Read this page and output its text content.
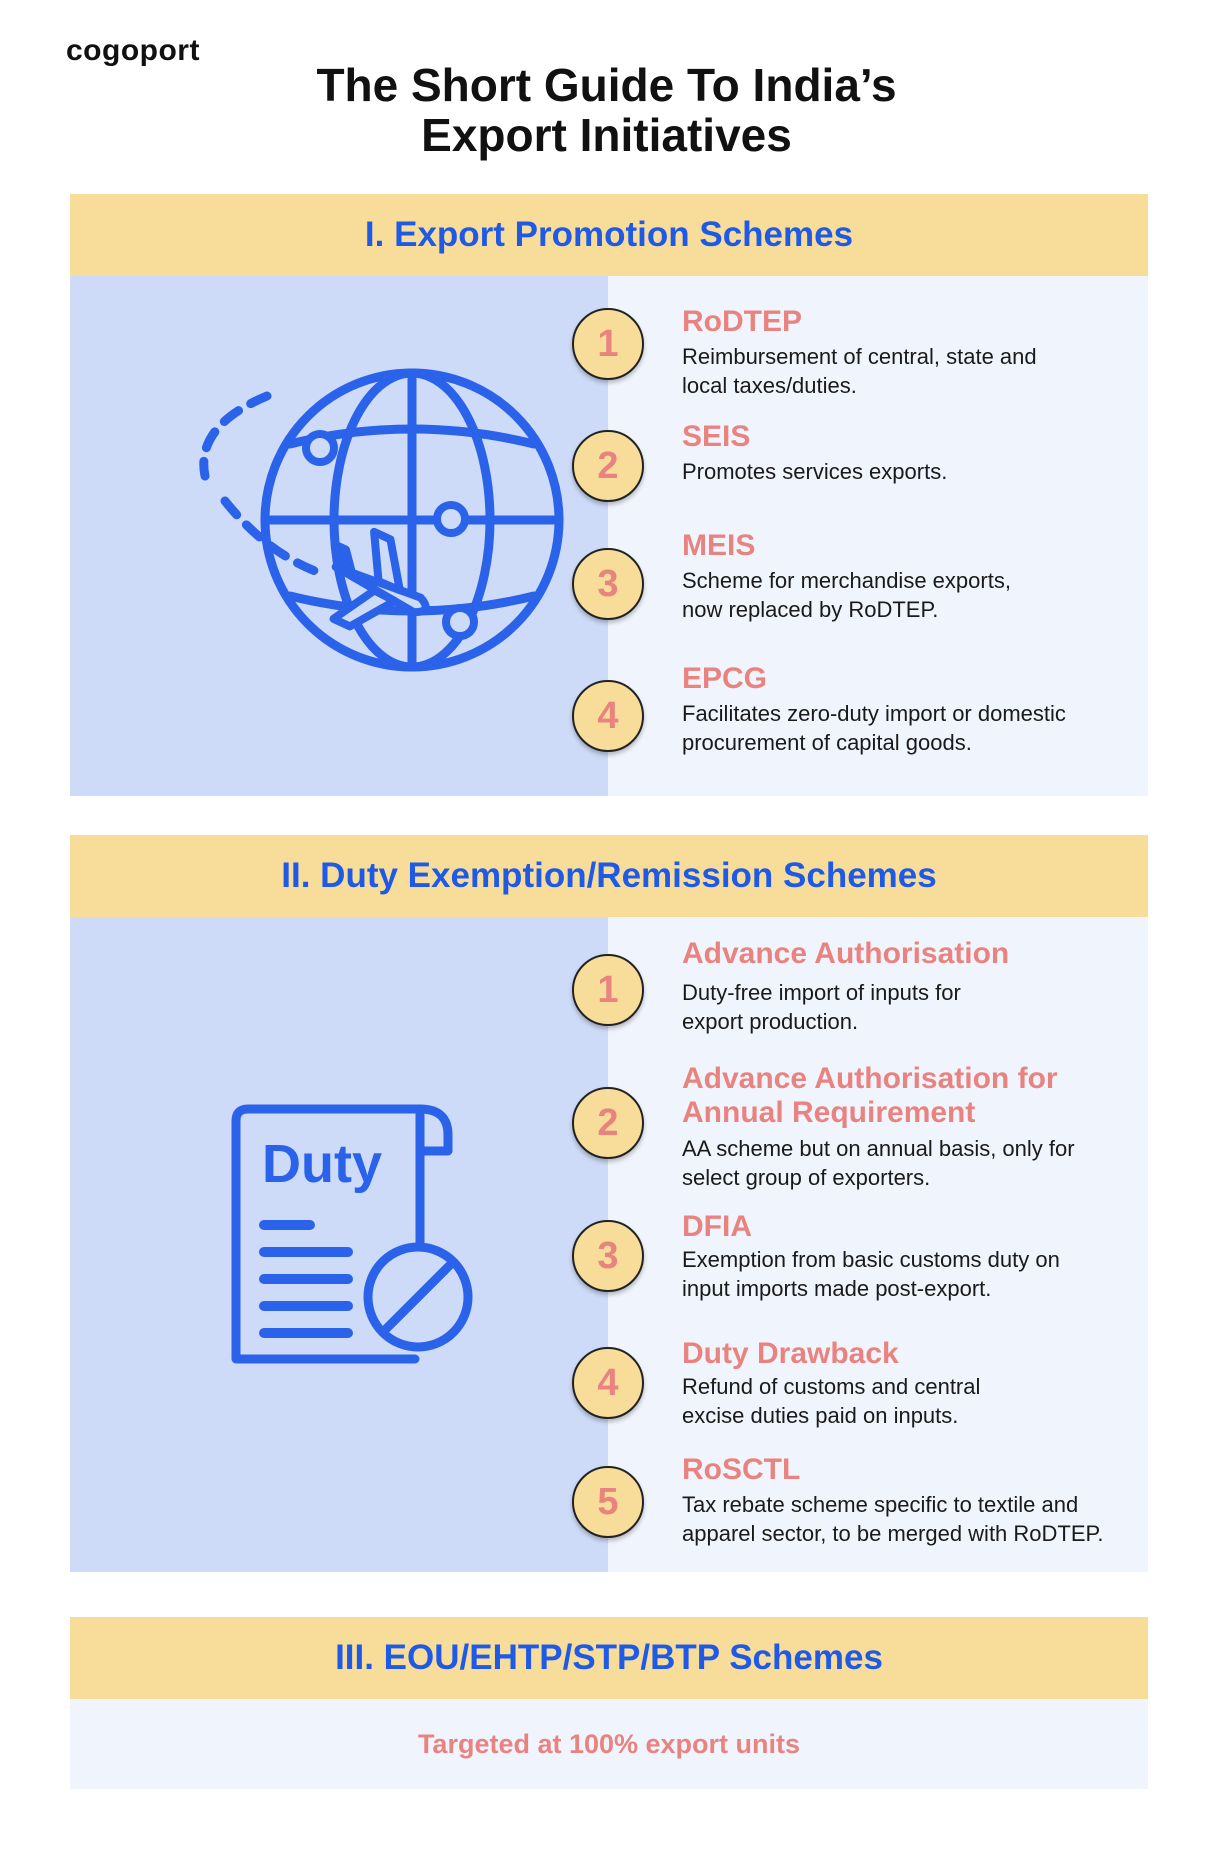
cogoport
The Short Guide To India’s
Export Initiatives
I. Export Promotion Schemes
1
RoDTEP
Reimbursement of central, state and
local taxes/duties.
2
SEIS
Promotes services exports.
3
MEIS
Scheme for merchandise exports,
now replaced by RoDTEP.
4
EPCG
Facilitates zero-duty import or domestic
procurement of capital goods.
II. Duty Exemption/Remission Schemes
Duty
1
Advance Authorisation
Duty-free import of inputs for
export production.
2
Advance Authorisation for
Annual Requirement
AA scheme but on annual basis, only for
select group of exporters.
3
DFIA
Exemption from basic customs duty on
input imports made post-export.
4
Duty Drawback
Refund of customs and central
excise duties paid on inputs.
5
RoSCTL
Tax rebate scheme specific to textile and
apparel sector, to be merged with RoDTEP.
III. EOU/EHTP/STP/BTP Schemes
Targeted at 100% export units
